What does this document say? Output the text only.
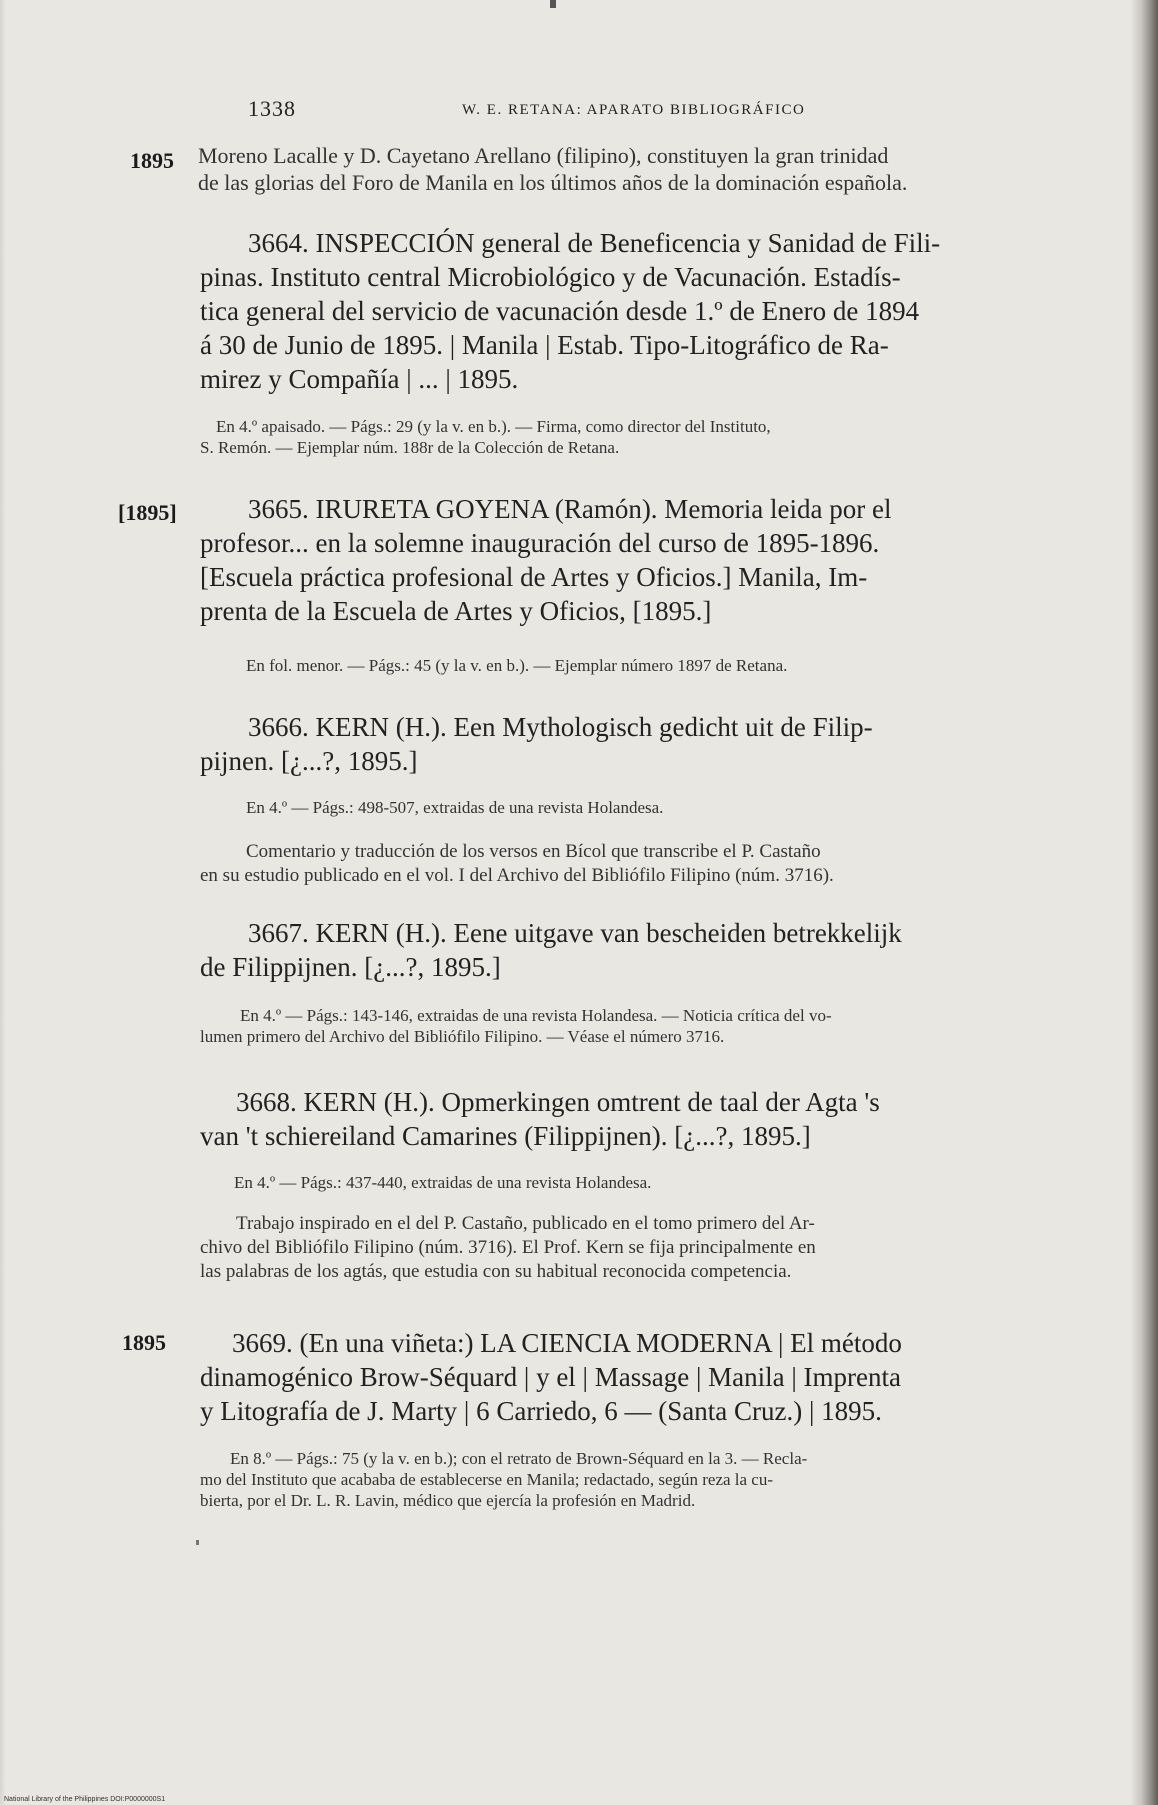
1338	W. E. RETANA: APARATO BIBLIOGRÁFICO
1895 Moreno Lacalle y D. Cayetano Arellano (filipino), constituyen la gran trinidad
de las glorias del Foro de Manila en los últimos años de la dominación española.
3664. INSPECCIÓN general de Beneficencia y Sanidad de Fili-
pinas. Instituto central Microbiológico y de Vacunación. Estadís-
tica general del servicio de vacunación desde 1.º de Enero de 1894
á 30 de Junio de 1895. | Manila | Estab. Tipo-Litográfico de Ra-
mirez y Compañía | ... | 1895.
En 4.º apaisado. — Págs.: 29 (y la v. en b.). — Firma, como director del Instituto,
S. Remón. — Ejemplar núm. 188r de la Colección de Retana.
[1895]	3665. IRURETA GOYENA (Ramón). Memoria leida por el
profesor... en la solemne inauguración del curso de 1895-1896.
[Escuela práctica profesional de Artes y Oficios.] Manila, Im-
prenta de la Escuela de Artes y Oficios, [1895.]
En fol. menor. — Págs.: 45 (y la v. en b.). — Ejemplar número 1897 de Retana.
3666. KERN (H.). Een Mythologisch gedicht uit de Filip-
pijnen. [¿...?, 1895.]
En 4.º — Págs.: 498-507, extraidas de una revista Holandesa.
Comentario y traducción de los versos en Bícol que transcribe el P. Castaño
en su estudio publicado en el vol. I del Archivo del Bibliófilo Filipino (núm. 3716).
3667. KERN (H.). Eene uitgave van bescheiden betrekkelijk
de Filippijnen. [¿...?, 1895.]
En 4.º — Págs.: 143-146, extraidas de una revista Holandesa. — Noticia crítica del vo-
lumen primero del Archivo del Bibliófilo Filipino. — Véase el número 3716.
3668. KERN (H.). Opmerkingen omtrent de taal der Agta 's
van 't schiereiland Camarines (Filippijnen). [¿...?, 1895.]
En 4.º — Págs.: 437-440, extraidas de una revista Holandesa.
Trabajo inspirado en el del P. Castaño, publicado en el tomo primero del Ar-
chivo del Bibliófilo Filipino (núm. 3716). El Prof. Kern se fija principalmente en
las palabras de los agtás, que estudia con su habitual reconocida competencia.
1895 3669. (En una viñeta:) LA CIENCIA MODERNA | El método
dinamogénico Brow-Séquard | y el | Massage | Manila | Imprenta
y Litografía de J. Marty | 6 Carriedo, 6 — (Santa Cruz.) | 1895.
En 8.º — Págs.: 75 (y la v. en b.); con el retrato de Brown-Séquard en la 3. — Recla-
mo del Instituto que acababa de establecerse en Manila; redactado, según reza la cu-
bierta, por el Dr. L. R. Lavin, médico que ejercía la profesión en Madrid.
National Library of the Philippines DOI:P0000000S1
